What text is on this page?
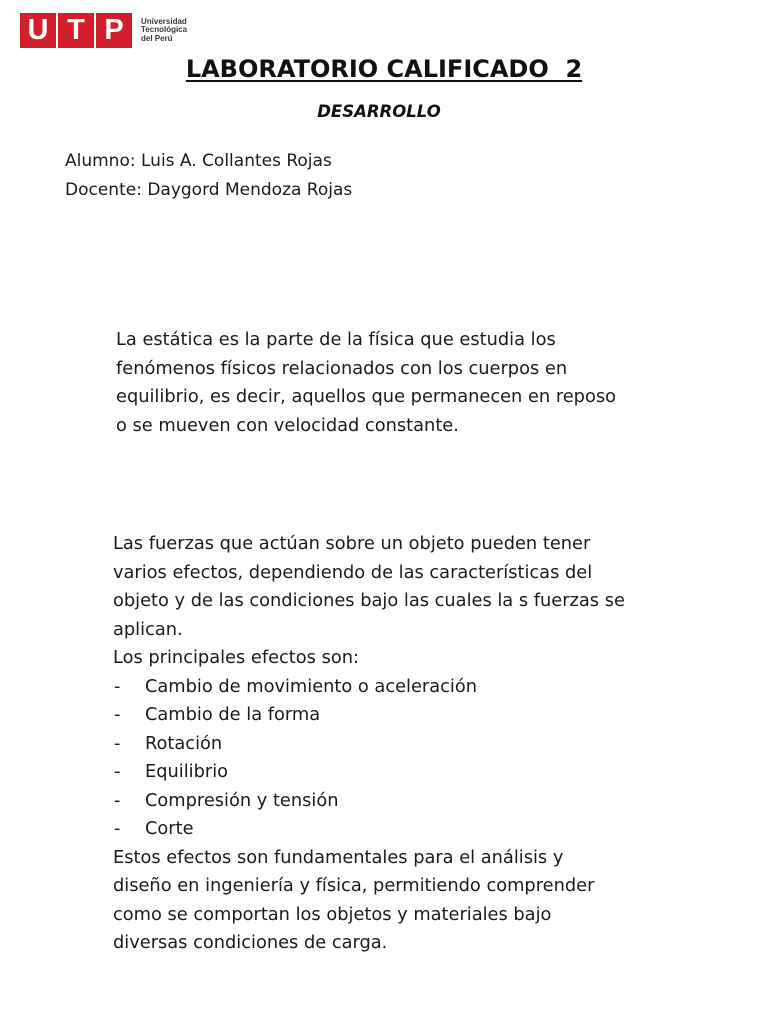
U T P	Universidad
Tecnológica
del Perú
LABORATORIO CALIFICADO  2
DESARROLLO
Alumno: Luis A. Collantes Rojas
Docente: Daygord Mendoza Rojas

La estática es la parte de la física que estudia los

fenómenos físicos relacionados con los cuerpos en

equilibrio, es decir, aquellos que permanecen en reposo

o se mueven con velocidad constante.

Las fuerzas que actúan sobre un objeto pueden tener

varios efectos, dependiendo de las características del

objeto y de las condiciones bajo las cuales la s fuerzas se

aplican.

Los principales efectos son:

- Cambio de movimiento o aceleración
- Cambio de la forma
- Rotación
- Equilibrio
- Compresión y tensión
- Corte

Estos efectos son fundamentales para el análisis y

diseño en ingeniería y física, permitiendo comprender

como se comportan los objetos y materiales bajo

diversas condiciones de carga.
